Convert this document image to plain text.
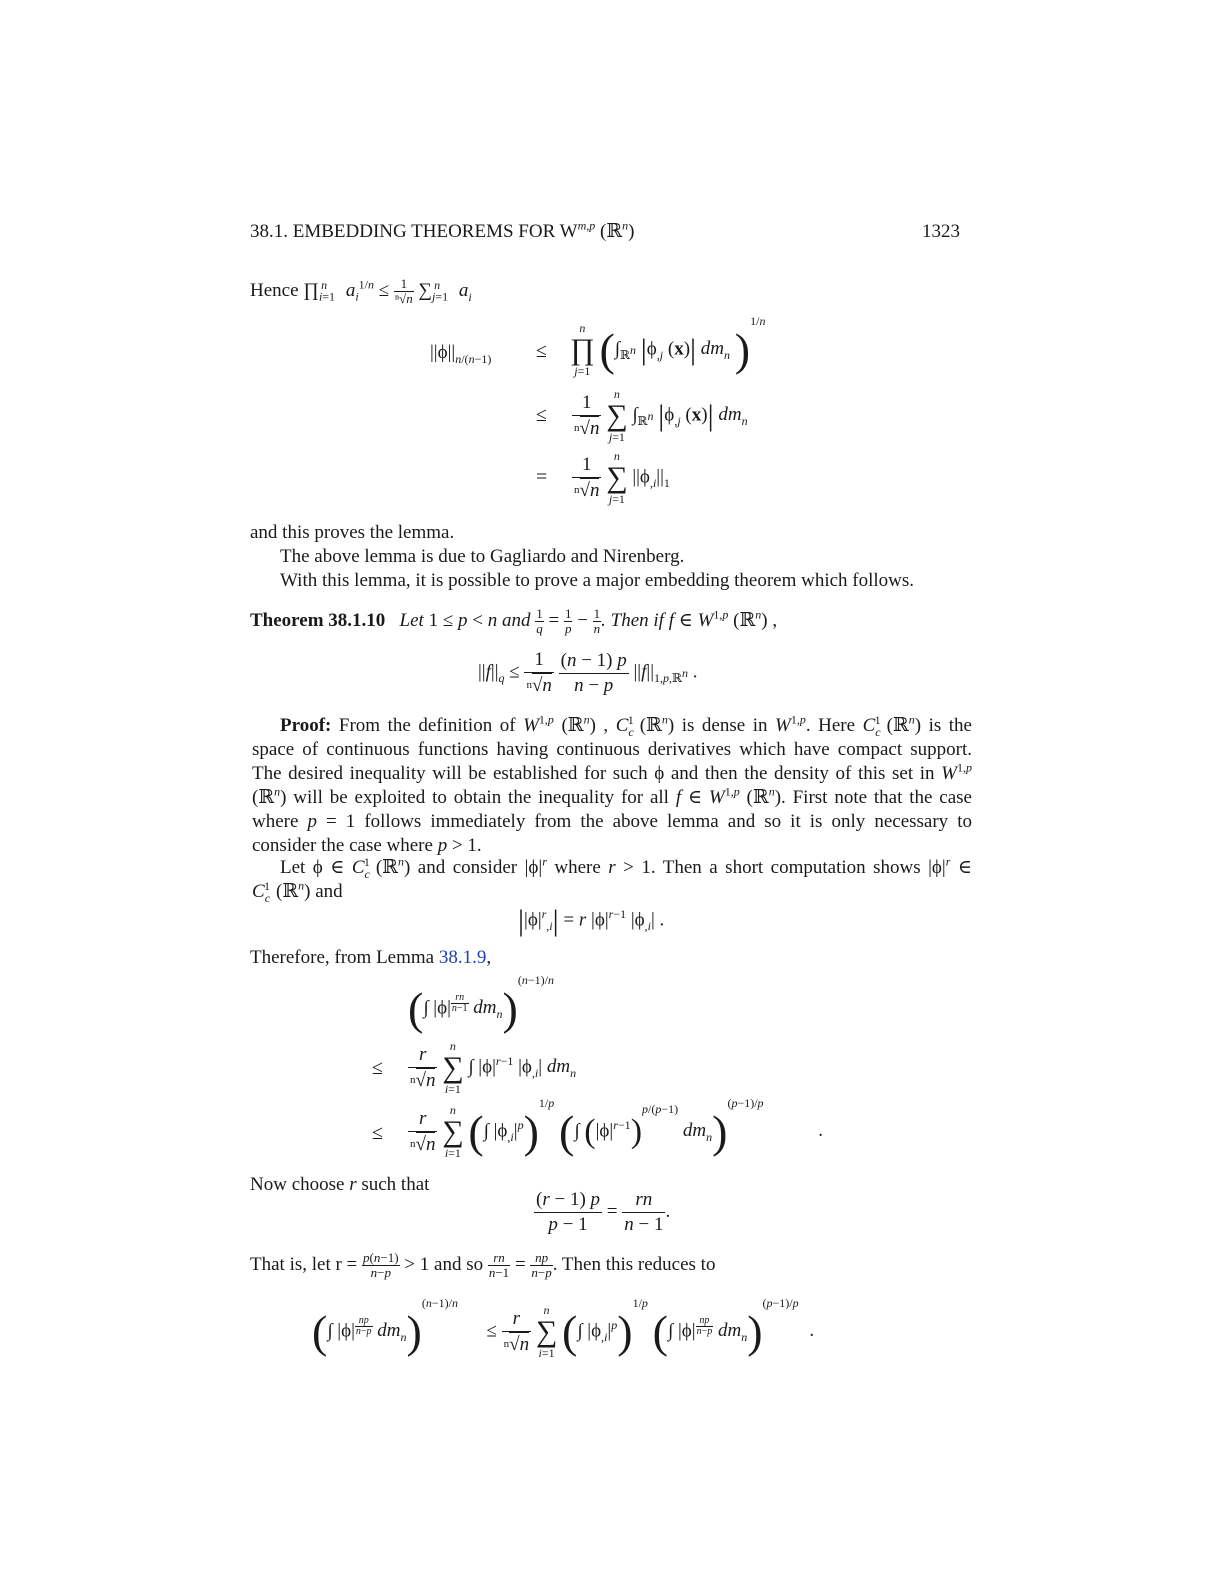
38.1. EMBEDDING THEOREMS FOR W$^{m,p}$ (ℝ$^n$)	1323
Hence $\prod_{i=1}^n$ $a_i^{1/n} \le \frac{1}{\text{ⁿ√n}} \sum_{j=1}^n$ $a_i$
$||\phi||_{n/(n-1)}$ ≤
n
∏
j=1 ($\int_{ℝ^n}$ $|\phi_{,j}$ (x)| $dm_n$ )$^{1/n}$
≤ $\frac{1}{^n√n}$
	n
∑
j=1
$\int_{ℝ^n}$ $|\phi_{,j}$ (x)| $dm_n$
= $\frac{1}{^n√n}$
	n
∑
j=1
$||\phi_{,i}||_1$
and this proves the lemma.
The above lemma is due to Gagliardo and Nirenberg.
With this lemma, it is possible to prove a major embedding theorem which follows.
Theorem 38.1.10   Let 1 ≤ p < n and $\frac{1}{q} = \frac{1}{p} - \frac{1}{n}$ . Then if f ∈ W$^{1,p}$ (ℝ$^n$) ,
$||f||_q \le \frac{1}{^n√n}$
$\frac{(n - 1) p}{n - p} ||f||_{1,p,ℝ^n}$ .
Proof: From the definition of W$^{1,p}$ (ℝ$^n$) , $C_c^1$ (ℝ$^n$) is dense in W$^{1,p}$. Here $C_c^1$ (ℝ$^n$) is the space of continuous functions having continuous derivatives which have compact support. The desired inequality will be established for such ϕ and then the density of this set in W$^{1,p}$ (ℝ$^n$) will be exploited to obtain the inequality for all f ∈ W$^{1,p}$ (ℝ$^n$). First note that the case where p = 1 follows immediately from the above lemma and so it is only necessary to consider the case where p > 1.
Let ϕ ∈ $C_c^1$ (ℝ$^n$) and consider $|\phi|^r$ where r > 1. Then a short computation shows $|\phi|^r$ ∈ $C_c^1$ (ℝ$^n$) and
$||\phi|^r_{,i}| = r$ $|\phi|^{r-1}$ $|\phi_{,i}|$ .
Therefore, from Lemma 38.1.9,
(∫ |ϕ| $^{\frac{rn}{n-1}}$ $dm_n)^{(n-1)/n}$
≤ $\frac{r}{^n√n}$
	n
∑
i=1
∫ $|\phi|^{r-1}$ $|\phi_{,i}|$ $dm_n$
≤ $\frac{r}{^n√n}$
	n
∑
i=1 (∫ $|\phi_{,i}|^p)^{1/p}$ (∫ $(|\phi|^{r-1})^{p/(p-1)}$ $dm_n)^{(p-1)/p}$ .
Now choose r such that
$\frac{(r - 1) p}{p - 1} = \frac{rn}{n - 1}$ .
That is, let $r = \frac{p(n-1)}{n-p} > 1$ and so $\frac{rn}{n-1} = \frac{np}{n-p}$ . Then this reduces to
(∫ |ϕ| $^{\frac{np}{n-p}}$ $dm_n)^{(n-1)/n}$      ≤ $\frac{r}{^n√n}$
	n
∑
i=1 (∫ $|\phi_{,i}|^p)^{1/p}$ (∫ |ϕ| $^{\frac{np}{n-p}}$ $dm_n)^{(p-1)/p}$ .
